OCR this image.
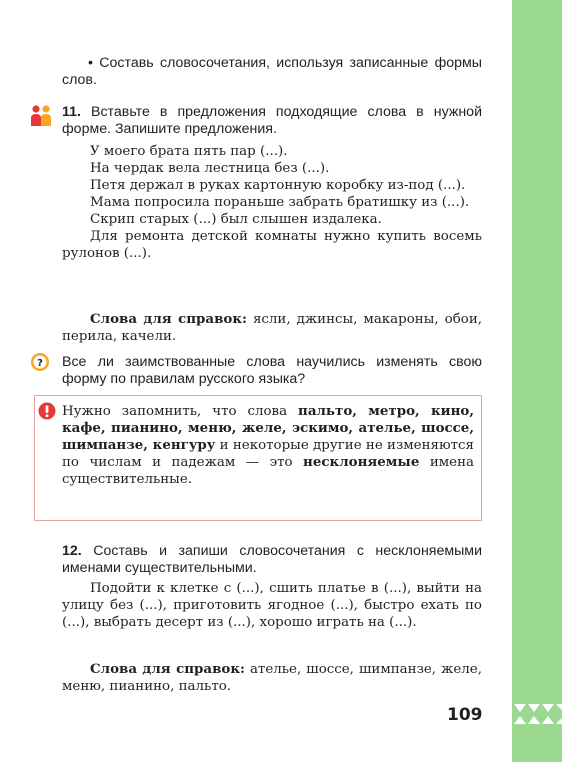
?

• Составь словосочетания, используя записанные формы слов.

11. Вставьте в предложения подходящие слова в нужной форме. Запишите предложения.

У моего брата пять пар (...).

На чердак вела лестница без (...).

Петя держал в руках картонную коробку из-под (...).

Мама попросила пораньше забрать братишку из (...).

Скрип старых (...) был слышен издалека.

Для ремонта детской комнаты нужно купить восемь рулонов (...).

Слова для справок: ясли, джинсы, макароны, обои, перила, качели.

Все ли заимствованные слова научились изменять свою форму по правилам русского языка?

Нужно запомнить, что слова пальто, метро, кино, кафе, пианино, меню, желе, эскимо, ателье, шоссе, шимпанзе, кенгуру и некоторые другие не изменяются по числам и падежам — это несклоняемые имена существительные.

12. Составь и запиши словосочетания с несклоняемыми именами существительными.

Подойти к клетке с (...), сшить платье в (...), выйти на улицу без (...), приготовить ягодное (...), быстро ехать по (...), выбрать десерт из (...), хорошо играть на (...).

Слова для справок: ателье, шоссе, шимпанзе, желе, меню, пианино, пальто.

109
